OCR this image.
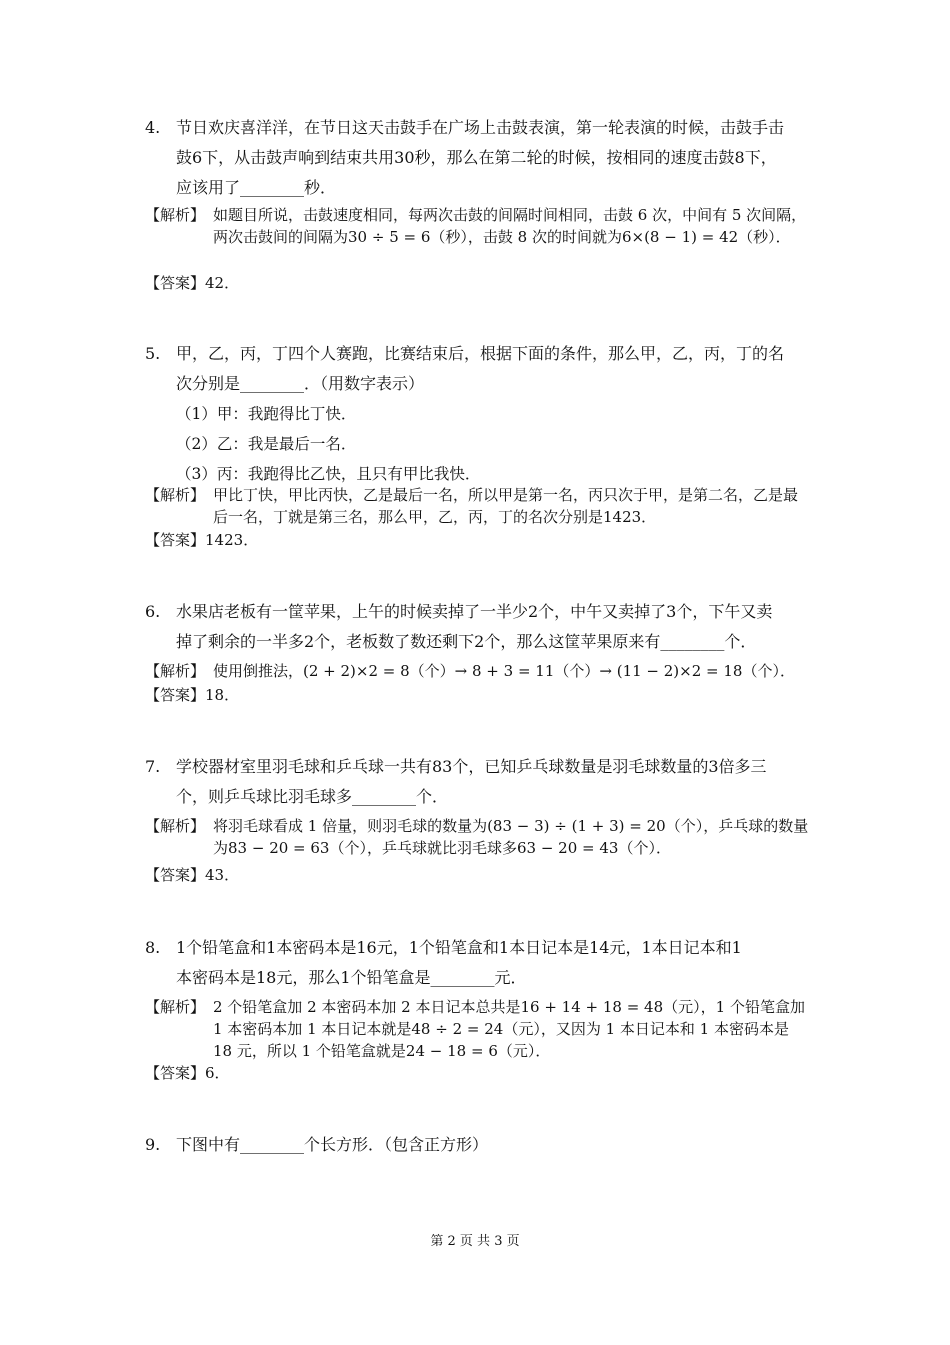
4. 节日欢庆喜洋洋，在节日这天击鼓手在广场上击鼓表演，第一轮表演的时候，击鼓手击
鼓6下，从击鼓声响到结束共用30秒，那么在第二轮的时候，按相同的速度击鼓8下，
应该用了________秒．
【解析】 如题目所说，击鼓速度相同，每两次击鼓的间隔时间相同，击鼓 6 次，中间有 5 次间隔，两次击鼓间的间隔为30 ÷ 5 = 6（秒），击鼓 8 次的时间就为6×(8 − 1) = 42（秒）．
【答案】42．
5. 甲，乙，丙，丁四个人赛跑，比赛结束后，根据下面的条件，那么甲，乙，丙，丁的名
次分别是________．（用数字表示）
（1）甲：我跑得比丁快．
（2）乙：我是最后一名．
（3）丙：我跑得比乙快，且只有甲比我快．
【解析】 甲比丁快，甲比丙快，乙是最后一名，所以甲是第一名，丙只次于甲，是第二名，乙是最后一名，丁就是第三名，那么甲，乙，丙，丁的名次分别是1423．
【答案】1423．
6. 水果店老板有一筐苹果，上午的时候卖掉了一半少2个，中午又卖掉了3个，下午又卖
掉了剩余的一半多2个，老板数了数还剩下2个，那么这筐苹果原来有________个．
【解析】 使用倒推法，(2 + 2)×2 = 8（个）→ 8 + 3 = 11（个）→ (11 − 2)×2 = 18（个）．
【答案】18．
7. 学校器材室里羽毛球和乒乓球一共有83个，已知乒乓球数量是羽毛球数量的3倍多三
个，则乒乓球比羽毛球多________个．
【解析】 将羽毛球看成 1 倍量，则羽毛球的数量为(83 − 3) ÷ (1 + 3) = 20（个），乒乓球的数量为83 − 20 = 63（个），乒乓球就比羽毛球多63 − 20 = 43（个）．
【答案】43．
8. 1个铅笔盒和1本密码本是16元，1个铅笔盒和1本日记本是14元，1本日记本和1
本密码本是18元，那么1个铅笔盒是________元．
【解析】 2 个铅笔盒加 2 本密码本加 2 本日记本总共是16 + 14 + 18 = 48（元），1 个铅笔盒加 1 本密码本加 1 本日记本就是48 ÷ 2 = 24（元），又因为 1 本日记本和 1 本密码本是 18 元，所以 1 个铅笔盒就是24 − 18 = 6（元）．
【答案】6．
9. 下图中有________个长方形．（包含正方形）
第 2 页 共 3 页
